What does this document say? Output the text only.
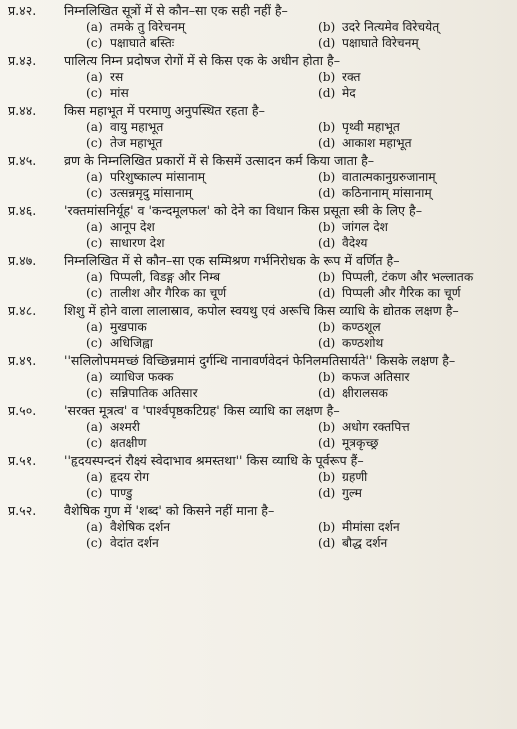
प्र.४२.	निम्नलिखित सूत्रों में से कौन–सा एक सही नहीं है–
(a) तमके तु विरेचनम्	(b) उदरे नित्यमेव विरेचयेत्
(c) पक्षाघाते बस्तिः	(d) पक्षाघाते विरेचनम्
प्र.४३.	पालित्य निम्न प्रदोषज रोगों में से किस एक के अधीन होता है–
(a) रस	(b) रक्त
(c) मांस	(d) मेद
प्र.४४.	किस महाभूत में परमाणु अनुपस्थित रहता है–
(a) वायु महाभूत	(b) पृथ्वी महाभूत
(c) तेज महाभूत	(d) आकाश महाभूत
प्र.४५.	व्रण के निम्नलिखित प्रकारों में से किसमें उत्सादन कर्म किया जाता है–
(a) परिशुष्काल्प मांसानाम्	(b) वातात्मकानुग्ररुजानाम्
(c) उत्सन्नमृदु मांसानाम्	(d) कठिनानाम् मांसानाम्
प्र.४६.	'रक्तमांसनिर्यूह' व 'कन्दमूलफल' को देने का विधान किस प्रसूता स्त्री के लिए है–
(a) आनूप देश	(b) जांगल देश
(c) साधारण देश	(d) वैदेश्य
प्र.४७.	निम्नलिखित में से कौन–सा एक सम्मिश्रण गर्भनिरोधक के रूप में वर्णित है–
(a) पिप्पली, विडङ्ग और निम्ब	(b) पिप्पली, टंकण और भल्लातक
(c) तालीश और गैरिक का चूर्ण	(d) पिप्पली और गैरिक का चूर्ण
प्र.४८.	शिशु में होने वाला लालास्राव, कपोल स्वयथु एवं अरूचि किस व्याधि के द्योतक लक्षण है–
(a) मुखपाक	(b) कण्ठशूल
(c) अधिजिह्वा	(d) कण्ठशोथ
प्र.४९.	''सलिलोपममच्छं विच्छिन्नमामं दुर्गन्धि नानावर्णवेदनं फेनिलमतिसार्यते'' किसके लक्षण है–
(a) व्याधिज फक्क	(b) कफज अतिसार
(c) सन्निपातिक अतिसार	(d) क्षीरालसक
प्र.५०.	'सरक्त मूत्रत्व' व 'पार्श्वपृष्ठकटिग्रह' किस व्याधि का लक्षण है–
(a) अश्मरी	(b) अधोग रक्तपित्त
(c) क्षतक्षीण	(d) मूत्रकृच्छ्र
प्र.५१.	''हृदयस्पन्दनं रौक्ष्यं स्वेदाभाव श्रमस्तथा'' किस व्याधि के पूर्वरूप हैं–
(a) हृदय रोग	(b) ग्रहणी
(c) पाण्डु	(d) गुल्म
प्र.५२.	वैशेषिक गुण में 'शब्द' को किसने नहीं माना है–
(a) वैशेषिक दर्शन	(b) मीमांसा दर्शन
(c) वेदांत दर्शन	(d) बौद्ध दर्शन
